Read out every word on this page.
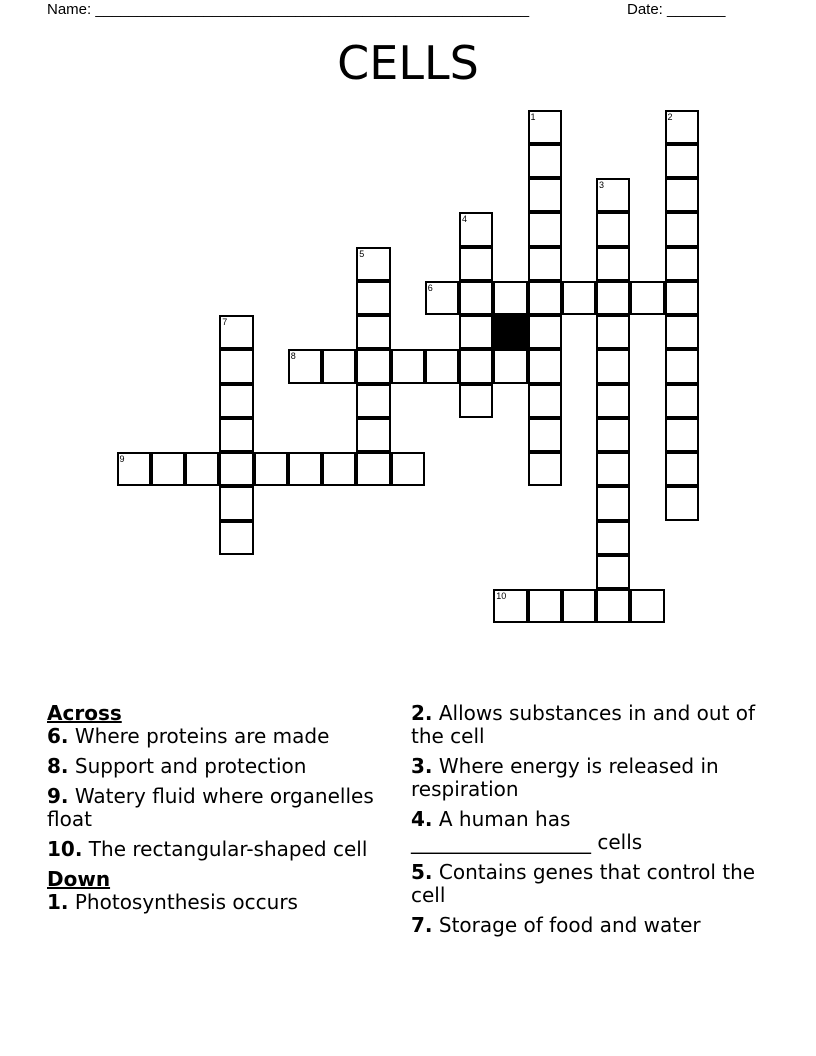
Name: ____________________________________________________	Date: _______
CELLS
1	2
3
4
5
6
7
8
9
10
Across
6. Where proteins are made
8. Support and protection
9. Watery fluid where organelles float
10. The rectangular-shaped cell
Down
1. Photosynthesis occurs
2. Allows substances in and out of the cell
3. Where energy is released in respiration
4. A human has __________________ cells
5. Contains genes that control the cell
7. Storage of food and water
